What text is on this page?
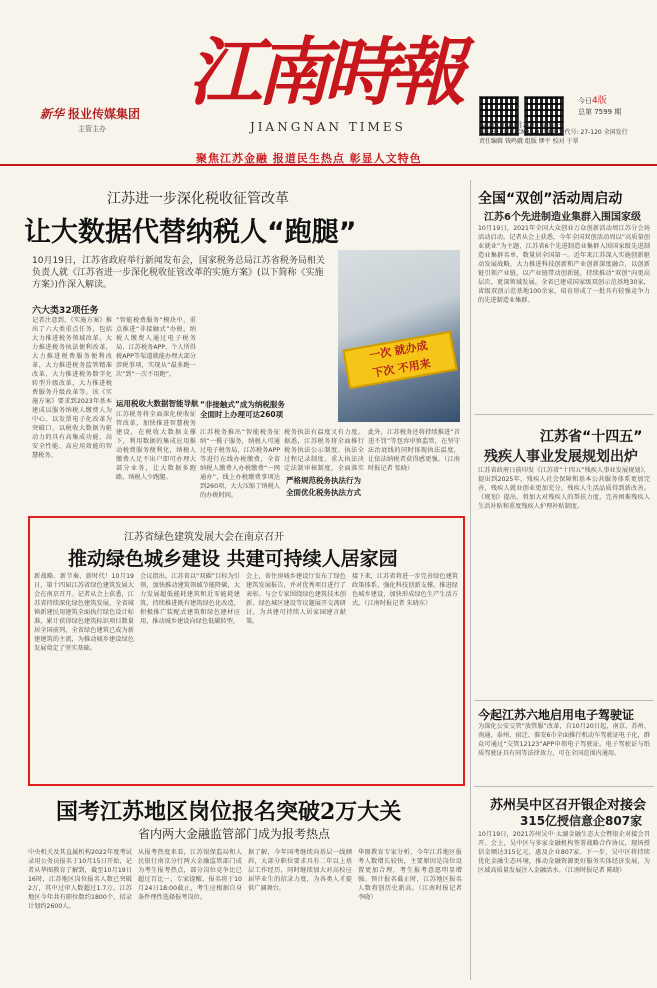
新华 报业传媒集团
主管主办
江南時報
JIANGNAN TIMES
今日4版
总第 7599 期
2021年10月20日 星期三
国内统一刊号 CN32-0114 邮发代号: 27-120 全国发行
责任编辑 钱鸣娥 组版 缪平 校对 于翠
聚焦江苏金融 报道民生热点 彰显人文特色
江苏进一步深化税收征管改革
让大数据代替纳税人“跑腿”
10月19日，江苏省政府举行新闻发布会，国家税务总局江苏省税务局相关负责人就《江苏省进一步深化税收征管改革的实施方案》(以下简称《实施方案》)作深入解读。
一次 就办成
下次 不用来
六大类32项任务
记者注意到，《实施方案》推出了六大类重点任务，包括大力推进税务领域改革，大力推进税务执法便利改革，大力推进税费服务便利改革，大力推进税务监管精准改革，大力推进税务数字化转型升级改革，大力推进税费服务升级改革等。该《实施方案》要求到2023年基本建成以服务纳税人缴费人为中心、以发票电子化改革为突破口、以税收大数据为驱动力的具有高集成功能、高安全性能、高应用效能的智慧税务。
“智能税费服务”模块中，重点推进“非接触式”办税，纳税人缴费人通过电子税务局、江苏税务APP、个人所得税APP等渠道就能办理大部分涉税事项，实现从“最多跑一次”到“一次不用跑”。
运用税收大数据智能导航
江苏税务将全面深化税收征管改革，加快推进智慧税务建设，在税收大数据支撑下，利用数据的集成应用推动税费服务便利化，纳税人缴费人足不出户即可办理大部分业务，让大数据多跑路、纳税人少跑腿。
江苏税务推出“智能税务征纳”一揽子服务，纳税人可通过电子税务局、江苏税务APP等进行在线办税缴费，全省纳税人缴费人办税缴费“一网通办”，线上办税缴费事项达到260项，大大压缩了纳税人的办税时间。
“非接触式”成为纳税服务全面时上办理可达260项
严格规范税务执法行为
全面优化税务执法方式
税务执法有温度又有力度。据悉，江苏税务将全面推行税务执法公示制度、执法全过程记录制度、重大执法决定法制审核制度，全面落实
此外，江苏税务还将持续推进“首违不罚”等包容审慎监管，在坚守法治底线的同时体现执法温度，让依法纳税者获得感更强。（江南时报记者 张晓）
全国“双创”活动周启动
江苏6个先进制造业集群入围国家级
10月19日，2021年全国大众创业万众创新活动周江苏分会场活动启动。记者从会上获悉，今年全国双创活动周以“高质量创业就业”为主题，江苏省6个先进制造业集群入围国家级先进制造业集群名单，数量居全国第一。近年来江苏深入实施创新驱动发展战略，大力推进科技创新和产业创新深度融合，以创新链引领产业链，以产业链带动创新链，持续推动“双创”向更高层次、更深领域发展。全省已建成国家级双创示范基地30家，省级双创示范基地100余家，培育形成了一批具有较强竞争力的先进制造业集群。
江苏省“十四五”
残疾人事业发展规划出炉
江苏省政府日前印发《江苏省“十四五”残疾人事业发展规划》，提出到2025年，残疾人社会保障和基本公共服务体系更加完善，残疾人就业创业更加充分，残疾人生活品质得到新改善。《规划》提出，将加大对残疾人的帮扶力度，完善困难残疾人生活补贴和重度残疾人护理补贴制度。
今起江苏六地启用电子驾驶证
为深化公安交管“放管服”改革，自10月20日起，南京、苏州、南通、泰州、宿迁、淮安6市全面推行机动车驾驶证电子化，群众可通过“交管12123”APP申领电子驾驶证。电子驾驶证与纸质驾驶证具有同等法律效力，可在全国范围内通用。
苏州吴中区召开银企对接会
315亿授信意企807家
10月19日，2021苏州吴中·太湖金融生态大会暨银企对接会召开。会上，吴中区与多家金融机构签署战略合作协议，现场授信金额达315亿元，惠及企业807家。下一步，吴中区将持续优化金融生态环境，推动金融资源更好服务实体经济发展，为区域高质量发展注入金融活水。（江南时报记者 陈晓）
江苏省绿色建筑发展大会在南京召开
推动绿色城乡建设 共建可持续人居家园
新战略、新节奏、新时代！10月19日，第十四届江苏省绿色建筑发展大会在南京召开。记者从会上获悉，江苏省持续深化绿色建筑发展，全省城镇新建民用建筑全面执行绿色设计标准，累计获得绿色建筑标识项目数量居全国前列，全省绿色建筑已成为新建建筑的主流，为推动城乡建设绿色发展奠定了坚实基础。
会议指出，江苏省以“双碳”目标为引领，加快推动建筑领域节能降碳，大力发展超低能耗建筑和近零能耗建筑，持续推进既有建筑绿色化改造，积极推广装配式建筑和绿色建材应用，推动城乡建设向绿色低碳转型。
会上，省住房城乡建设厅发布了绿色建筑发展报告，并对优秀项目进行了表彰。与会专家围绕绿色建筑技术创新、绿色城区建设等议题展开交流研讨，为共建可持续人居家园建言献策。
接下来，江苏省将进一步完善绿色建筑政策体系，强化科技创新支撑，推进绿色城乡建设，加快形成绿色生产生活方式。（江南时报记者 朱晓东）
国考江苏地区岗位报名突破2万大关
省内两大金融监管部门成为报考热点
中央机关及其直属机构2022年度考试录用公务员报名于10月15日开始，记者从华图教育了解到，截至10月19日16时，江苏地区岗位报名人数已突破2万，其中过审人数超过1.7万。江苏地区今年共有职位数约1800个，招录计划约2600人。
从报考热度来看，江苏银保监局和人民银行南京分行两大金融监管部门成为考生报考热点，部分岗位竞争比已超过百比一。专家提醒，报名将于10月24日18:00截止，考生应根据自身条件理性选择报考岗位。
据了解，今年国考继续向基层一线倾斜，大部分职位要求具有二年以上基层工作经历，同时继续加大对高校应届毕业生的招录力度，为各类人才提供广阔舞台。
华图教育专家分析，今年江苏地区报考人数增长较快，主要原因是岗位设置更加合理，考生报考意愿明显增强。预计报名截止时，江苏地区报名人数将创历史新高。（江南时报记者 李晓）
